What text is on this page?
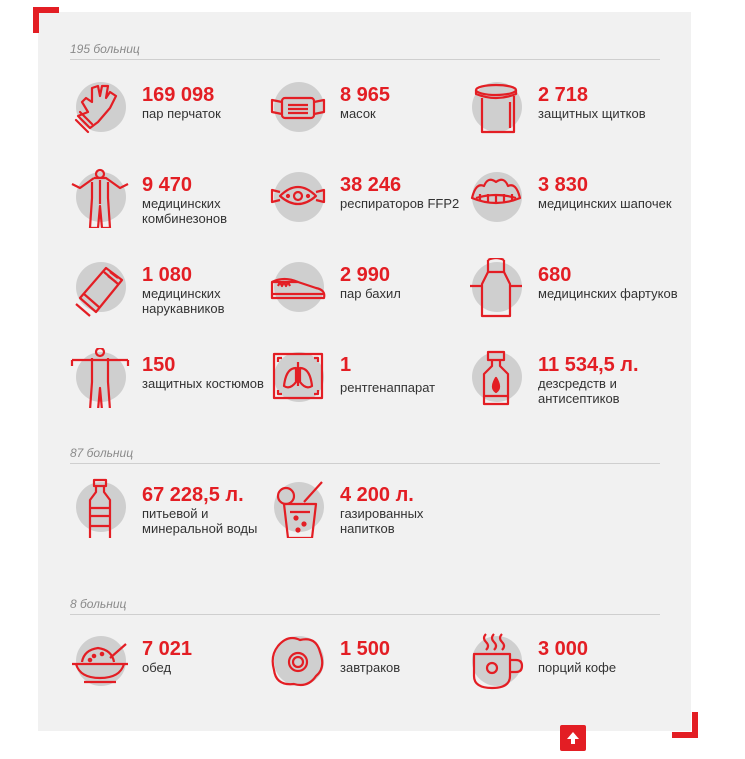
195 больниц
169 098
пар перчаток
8 965
масок
2 718
защитных щитков
9 470
медицинских комбинезонов
38 246
респираторов FFP2
3 830
медицинских шапочек
1 080
медицинских нарукавников
2 990
пар бахил
680
медицинских фартуков
150
защитных костюмов
1
рентгенаппарат
11 534,5 л.
дезсредств и антисептиков
87 больниц
67 228,5 л.
питьевой и минеральной воды
4 200 л.
газированных напитков
8 больниц
7 021
обед
1 500
завтраков
3 000
порций кофе
